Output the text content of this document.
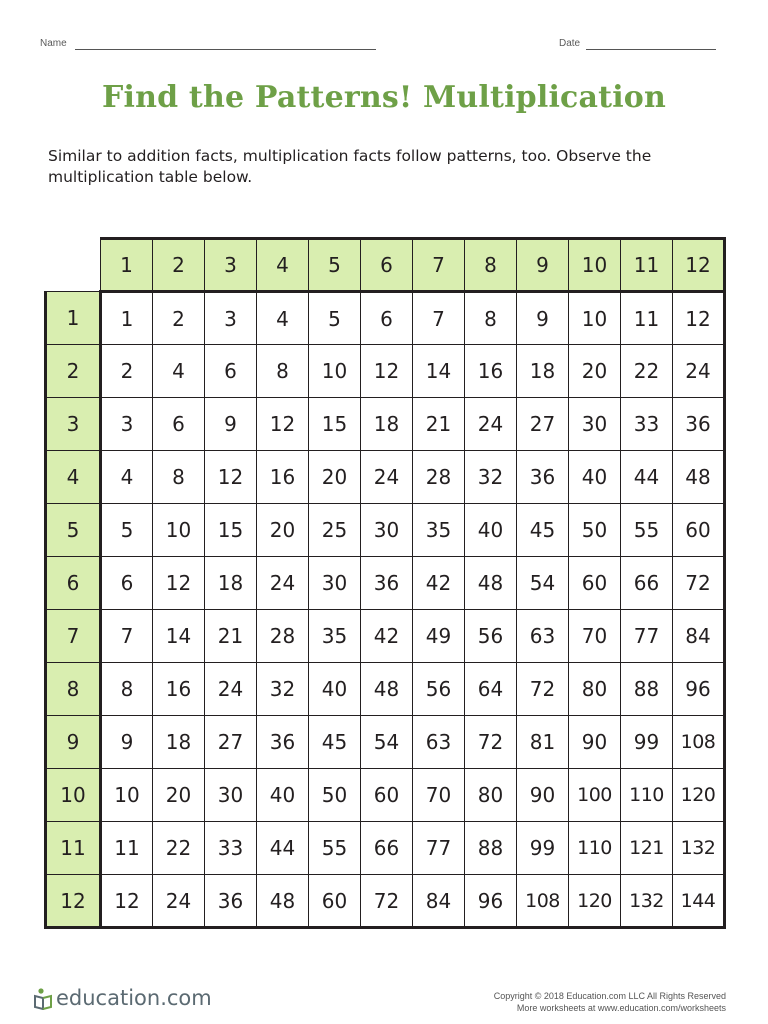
Name	Date
Find the Patterns! Multiplication
Similar to addition facts, multiplication facts follow patterns, too. Observe the multiplication table below.
	1	2	3	4	5	6	7	8	9	10	11	12
1	1	2	3	4	5	6	7	8	9	10	11	12
2	2	4	6	8	10	12	14	16	18	20	22	24
3	3	6	9	12	15	18	21	24	27	30	33	36
4	4	8	12	16	20	24	28	32	36	40	44	48
5	5	10	15	20	25	30	35	40	45	50	55	60
6	6	12	18	24	30	36	42	48	54	60	66	72
7	7	14	21	28	35	42	49	56	63	70	77	84
8	8	16	24	32	40	48	56	64	72	80	88	96
9	9	18	27	36	45	54	63	72	81	90	99	108
10	10	20	30	40	50	60	70	80	90	100	110	120
11	11	22	33	44	55	66	77	88	99	110	121	132
12	12	24	36	48	60	72	84	96	108	120	132	144
education .com	Copyright © 2018 Education.com LLC All Rights Reserved
More worksheets at www.education.com/worksheets
